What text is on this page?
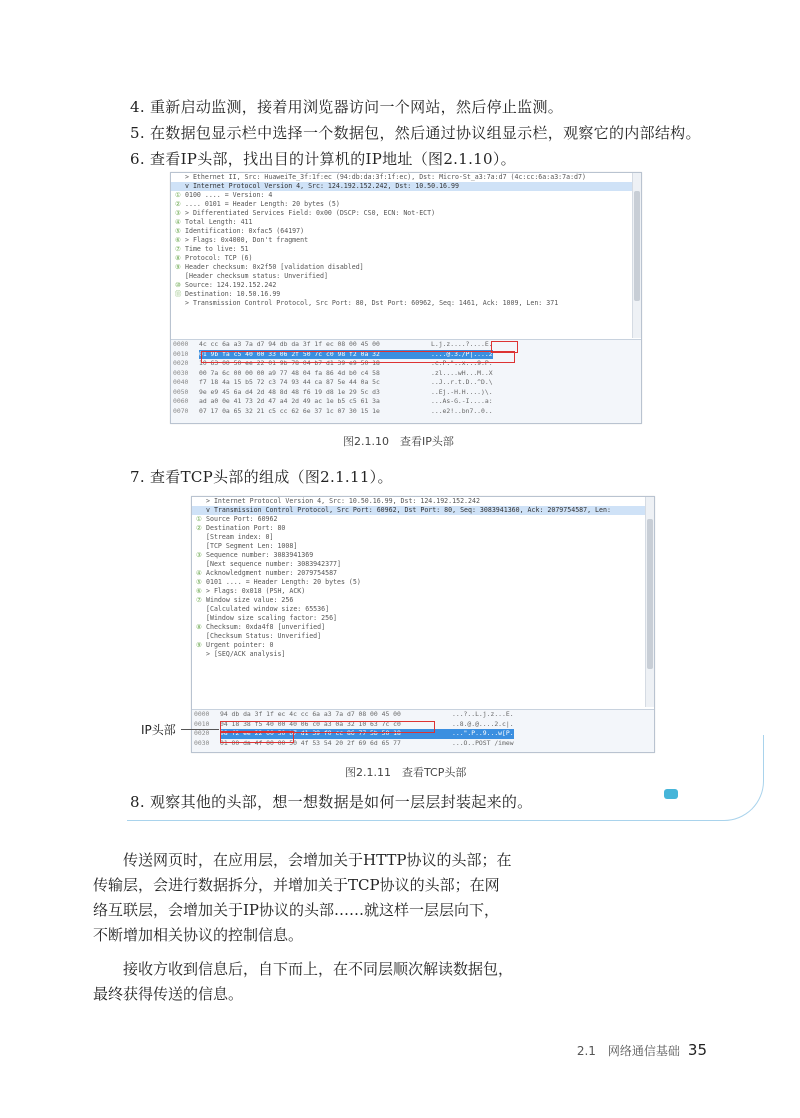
4. 重新启动监测，接着用浏览器访问一个网站，然后停止监测。
5. 在数据包显示栏中选择一个数据包，然后通过协议组显示栏，观察它的内部结构。
6. 查看IP头部，找出目的计算机的IP地址（图2.1.10）。
> Ethernet II, Src: HuaweiTe_3f:1f:ec (94:db:da:3f:1f:ec), Dst: Micro-St_a3:7a:d7 (4c:cc:6a:a3:7a:d7)
v Internet Protocol Version 4, Src: 124.192.152.242, Dst: 10.50.16.99
① 0100 .... = Version: 4
② .... 0101 = Header Length: 20 bytes (5)
③ > Differentiated Services Field: 0x00 (DSCP: CS0, ECN: Not-ECT)
④ Total Length: 411
⑤ Identification: 0xfac5 (64197)
⑥ > Flags: 0x4000, Don't fragment
⑦ Time to live: 51
⑧ Protocol: TCP (6)
⑨ Header checksum: 0x2f50 [validation disabled]
[Header checksum status: Unverified]
⑩ Source: 124.192.152.242
⑪ Destination: 10.50.16.99
> Transmission Control Protocol, Src Port: 80, Dst Port: 60962, Seq: 1461, Ack: 1009, Len: 371
0000 4c cc 6a a3 7a d7 94 db da 3f 1f ec 08 00 45 00	L.j.z....?....E.
0010 01 9b fa c5 40 00 33 06 2f 50 7c c0 98 f2 0a 32	....@.3./P|....2
0020 10 63 00 50 ee 22 01 9b 78 04 b7 d1 39 e9 50 18	.c.P."..x...9.P.
0030 00 7a 6c 00 00 00 a9 77 48 04 fa 86 4d b0 c4 58	.zl....wH...M..X
0040 f7 18 4a 15 b5 72 c3 74 93 44 ca 87 5e 44 0a 5c	..J..r.t.D..^D.\
0050 9e e9 45 6a d4 2d 48 8d 48 f6 19 d8 1e 29 5c d3	..Ej.-H.H....)\.
0060 ad a0 0e 41 73 2d 47 a4 2d 49 ac 1e b5 c5 61 3a	...As-G.-I....a:
0070 07 17 0a 65 32 21 c5 cc 62 6e 37 1c 07 30 15 1e	...e2!..bn7..0..
图2.1.10　查看IP头部
7. 查看TCP头部的组成（图2.1.11）。
> Internet Protocol Version 4, Src: 10.50.16.99, Dst: 124.192.152.242
v Transmission Control Protocol, Src Port: 60962, Dst Port: 80, Seq: 3083941360, Ack: 2079754587, Len:
① Source Port: 60962
② Destination Port: 80
[Stream index: 0]
[TCP Segment Len: 1008]
③ Sequence number: 3083941369
[Next sequence number: 3083942377]
④ Acknowledgment number: 2079754587
⑤ 0101 .... = Header Length: 20 bytes (5)
⑥ > Flags: 0x018 (PSH, ACK)
⑦ Window size value: 256
[Calculated window size: 65536]
[Window size scaling factor: 256]
⑧ Checksum: 0xda4f8 [unverified]
[Checksum Status: Unverified]
⑨ Urgent pointer: 0
> [SEQ/ACK analysis]
0000 94 db da 3f 1f ec 4c cc 6a a3 7a d7 08 00 45 00	...?..L.j.z...E.
0010 04 18 38 f5 40 00 40 06 c0 a3 0a 32 10 63 7c c0	..8.@.@....2.c|.
0020 98 f2 ee 22 00 50 b7 d1 39 f0 cc 86 77 5b 50 18	...".P..9...w[P.
0030 01 00 da 4f 00 00 50 4f 53 54 20 2f 69 6d 65 77	...O..POST /imew
IP头部
图2.1.11　查看TCP头部
8. 观察其他的头部，想一想数据是如何一层层封装起来的。

传送网页时，在应用层，会增加关于HTTP协议的头部；在传输层，会进行数据拆分，并增加关于TCP协议的头部；在网络互联层，会增加关于IP协议的头部……就这样一层层向下，不断增加相关协议的控制信息。

接收方收到信息后，自下而上，在不同层顺次解读数据包，最终获得传送的信息。

2.1　网络通信基础 35
